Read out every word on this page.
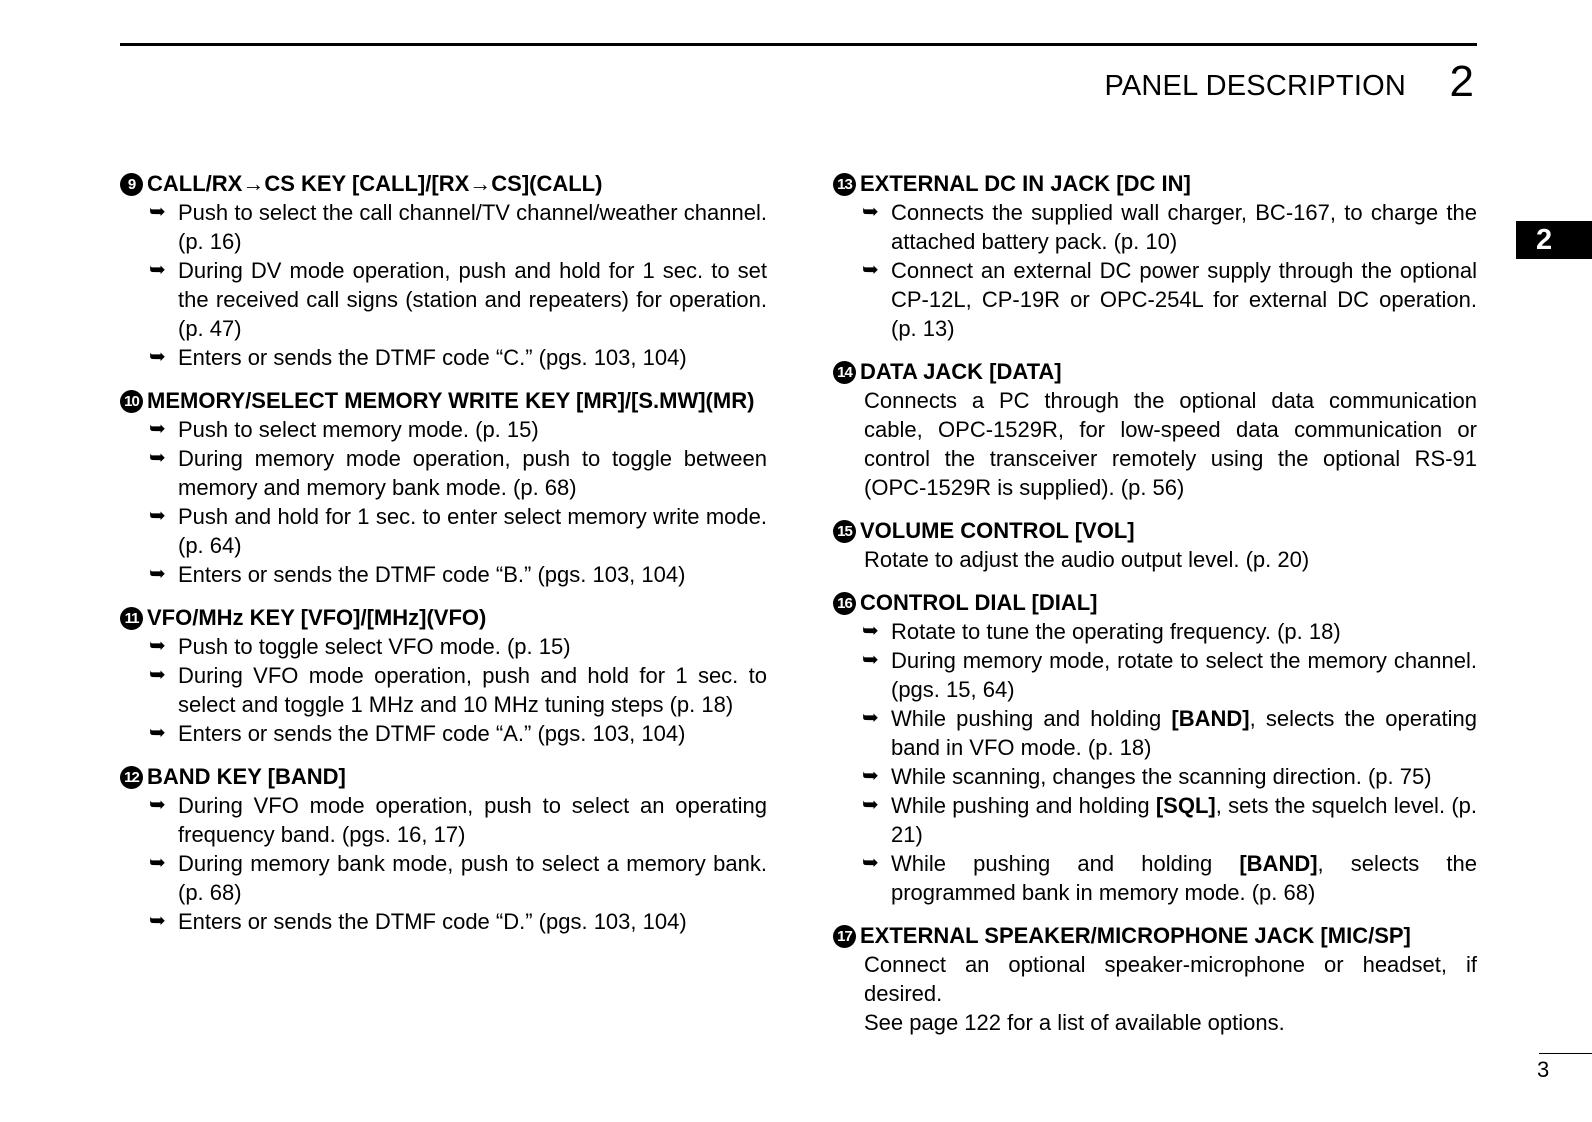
PANEL DESCRIPTION 2
2
3
9 CALL/RX→CS KEY [CALL]/[RX→CS](CALL)
➥ Push to select the call channel/TV channel/weather channel. (p. 16)
➥ During DV mode operation, push and hold for 1 sec. to set the received call signs (station and repeaters) for operation. (p. 47)
➥ Enters or sends the DTMF code “C.” (pgs. 103, 104)
10 MEMORY/SELECT MEMORY WRITE KEY [MR]/[S.MW](MR)
➥ Push to select memory mode. (p. 15)
➥ During memory mode operation, push to toggle between memory and memory bank mode. (p. 68)
➥ Push and hold for 1 sec. to enter select memory write mode. (p. 64)
➥ Enters or sends the DTMF code “B.” (pgs. 103, 104)
11 VFO/MHz KEY [VFO]/[MHz](VFO)
➥ Push to toggle select VFO mode. (p. 15)
➥ During VFO mode operation, push and hold for 1 sec. to select and toggle 1 MHz and 10 MHz tuning steps (p. 18)
➥ Enters or sends the DTMF code “A.” (pgs. 103, 104)
12 BAND KEY [BAND]
➥ During VFO mode operation, push to select an operating frequency band. (pgs. 16, 17)
➥ During memory bank mode, push to select a memory bank. (p. 68)
➥ Enters or sends the DTMF code “D.” (pgs. 103, 104)
13 EXTERNAL DC IN JACK [DC IN]
➥ Connects the supplied wall charger, BC-167, to charge the attached battery pack. (p. 10)
➥ Connect an external DC power supply through the optional CP-12L, CP-19R or OPC-254L for external DC operation. (p. 13)
14 DATA JACK [DATA]
Connects a PC through the optional data communication cable, OPC-1529R, for low-speed data communication or control the transceiver remotely using the optional RS-91 (OPC-1529R is supplied). (p. 56)
15 VOLUME CONTROL [VOL]
Rotate to adjust the audio output level. (p. 20)
16 CONTROL DIAL [DIAL]
➥ Rotate to tune the operating frequency. (p. 18)
➥ During memory mode, rotate to select the memory channel. (pgs. 15, 64)
➥ While pushing and holding [BAND], selects the operating band in VFO mode. (p. 18)
➥ While scanning, changes the scanning direction. (p. 75)
➥ While pushing and holding [SQL], sets the squelch level. (p. 21)
➥ While pushing and holding [BAND], selects the programmed bank in memory mode. (p. 68)
17 EXTERNAL SPEAKER/MICROPHONE JACK [MIC/SP]
Connect an optional speaker-microphone or headset, if desired.
See page 122 for a list of available options.
